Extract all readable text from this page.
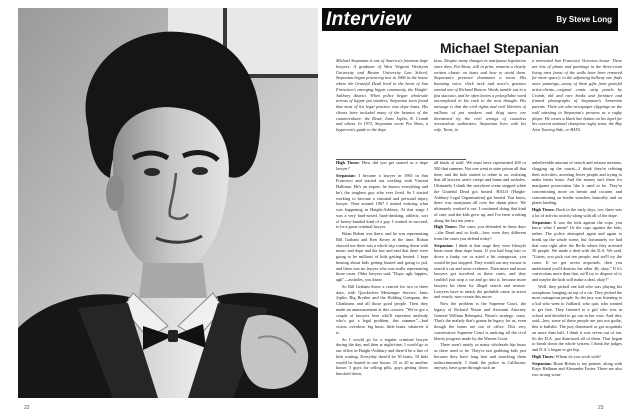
22
Interview	By Steve Long
Michael Stepanian

Michael Stepanian is one of America's foremost dope lawyers. A graduate of West Virginia Wesleyan University and Boston University Law School, Stepanian began practicing law in 1966 in the house where the Grateful Dead lived in the heart of San Francisco's emerging hippie community, the Haight-Ashbury district. When police began wholesale arrests of hippie pot smokers, Stepanian soon found that most of his legal practice was dope busts. His clients have included many of the beanies of the counterculture: the Dead, Janis Joplin, R. Crumb and others. In 1973, Stepanian wrote Pot Shots, a layperson's guide to the dope

laws. Despite many changes in marijuana legislation since then, Pot Shots, still in print, remains a clearly written classic on busts and how to avoid them. Stepanian's presence dominates a room. His booming voice, thick neck and actor's gestures remind one of Richard Burton. Words tumble out in a fast staccato, and he often leaves a polysyllabic word uncompleted in his rush to the next thought. His message is that the civil rights and civil liberties of millions of pot smokers and drug users are threatened by the civil wrongs of countless overzealous authorities. Stepanian lives with his wife, Tanis, in

a renovated San Francisco Victorian house. There are lots of plants and paintings in the three-room living area (most of the walls have been removed for more space); in the adjoining hallway one finds more paintings—many of them gifts from grateful artist-clients—original comic strip panels by Crumb, old and rare books and furniture and framed photographs of Stepanian's Armenian parents. There are also newspaper clippings on the wall attesting to Stepanian's prowess as a rugby player. He wears a black bar button on his lapel for his current national champion rugby team, the Bay Area Touring Side, or BATS.

High Times: How did you get started as a dope lawyer?

Stepanian: I became a lawyer in 1965 in San Francisco and started out working with Vincent Hallinan. He's an expert; he knows everything and he's the toughest guy who ever lived. So I started working to become a criminal and personal injury lawyer. Then around 1967 I started noticing what was happening in Haight-Ashbury. At that stage I was a very hard-nosed, hard-drinking, athletic, sort of heavy-handed kind of a guy. I wanted to succeed, to be a great criminal lawyer.

Brian Rohan was there, and he was representing Bill Graham and Ken Kesey at the time. Rohan showed me there was a whole trip coming down with music and dope and the law and said that there were going to be millions of kids getting busted. I kept hearing about kids getting busted and going to jail, and there was no lawyer who was really representing those cases. Older lawyers said, "Dope, ugh, hippies, ugh"—assholes, you know.

So Bill Graham threw a concert for two or three days, with Quicksilver Messenger Service, Janis Joplin, Big Brother and the Holding Company, the Charlatans and all those good people. Then they made an announcement at this concert: "We've got a couple of lawyers here who'll represent anybody who's got a legal problem, this summer"—bad vision, overdose, big busts, little busts, whatever it is.

So I would go be a regular criminal lawyer during the day, and then at night-time, I would go to our office in Haight-Ashbury and there'd be a line of kids waiting. Everyday there'd be 30 busts, 10 kids would be busted in one house, 15 or 20 in another house, 5 guys for selling pills, guys getting doors knocked down,

all kinds of stuff. We must have represented 400 or 500 that summer. Not one went to state prison all that time; and the kids started to relate to us, realizing that all lawyers aren't creeps and bums and assholes. Ultimately I think the storefront scene stopped when the Grateful Dead got busted. HALO (Haight-Ashbury Legal Organization) got busted. You know, there was marijuana all over the damn place. We ultimately worked it out. I continued doing that kind of case, and the kids grew up, and I've been working along the last ten years.

High Times: The cases you defended in those days—the Dead and so forth—how were they different from the cases you defend today?

Stepanian: I think at that stage they were lifestyle busts more than dope busts. If you had long hair or drove a funky car or acted a bit outrageous, you would be just stopped. They would use any excuse to search a car and seize evidence. Then more and more lawyers got involved in these cases, and they couldn't just stop a car and go into it, because more lawyers hit them for illegal search and seizure. Lawyers have to attack the probable cause in arrest and search; narc-create this move.

Now the problem is the Supreme Court, the legacy of Richard Nixon and Assistant Attorney General William Rehnquist. Nixon's strategy: crazy. That's the malady that's gonna be legacy for us, even though the burns are out of office. This very conservative Supreme Court is undoing all the civil liberty progress made by the Warren Court.

There aren't nearly as many wholesale hip busts as there used to be. They're not grabbing kids just because they have long hair and searching them indiscriminately. I think the police in California, anyway, have gone through such an

unbelievable amount of search and seizure motions, clogging up the courts—I think they're refining their activities, arresting fewer people and trying to make better busts. And the money isn't there for marijuana prosecution like it used to be. They're concentrating more on heroin and cocaine, and concentrating on border searches, basically, and on plates landing.

High Times: Back in the early days, too, there was a lot of activist activity along with all of the dope.

Stepanian: It was the kids against the cops, you know what I mean? Or the cops against the kids, rather. The police attempted again and again to break up the whole scene, but fortunately we had that case right after the Be-In where they arrested 56 people. We made a deal with the D.A. We said, "Listen, you pick out ten people, and we'll try the cases. If we get seven acquittals, then you understand you'll dismiss the other 46, okay." If it's convictions more than that, we'll try to dispose of it; and maybe the kids will make a deal, okay?"

Well, they picked one kid who was playing his saxophone, banging on top of a car. They picked the most outrageous people. So the jury was listening to a kid who went to Juilliard, who quit, who wanted to get free. They listened to a girl who was in school and decided to go out in her own. And they said—hey, some of these people are just not guilty, this is bullshit. The jury dismissed or got acquittals on more than half, I think it was seven out of ten. So the D.A. just dismissed all of them. That began to break down the whole system. I think the judges and D.A.'s began to get hip.

High Times: Whom do you work with?

Stepanian: Brian Rohan is my partner, along with Kayo Hallinan and Alexander Foster. There are also two strong wom-

23
